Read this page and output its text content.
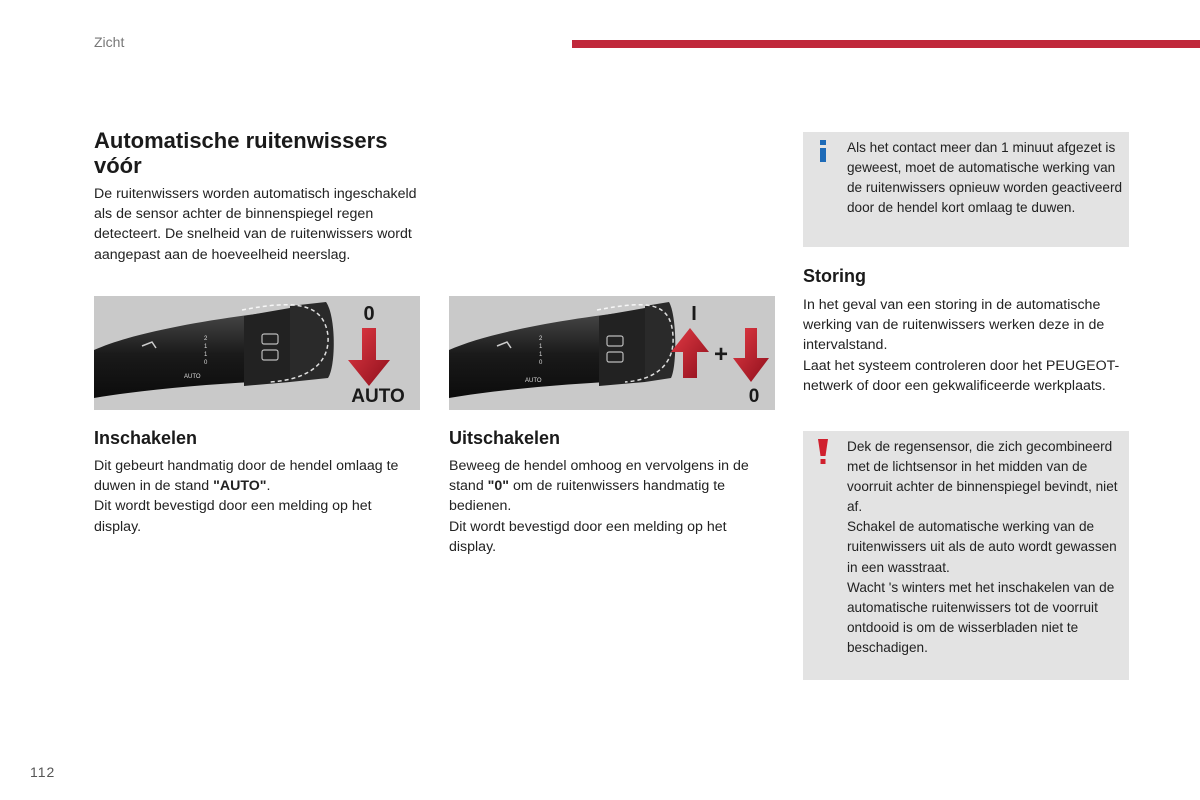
Zicht
Automatische ruitenwissers vóór

De ruitenwissers worden automatisch ingeschakeld als de sensor achter de binnenspiegel regen detecteert. De snelheid van de ruitenwissers wordt aangepast aan de hoeveelheid neerslag.

2
1
1
0
AUTO
0
AUTO
2
1
1
0
AUTO
I
+
0
Inschakelen

Dit gebeurt handmatig door de hendel omlaag te duwen in de stand "AUTO".
Dit wordt bevestigd door een melding op het display.

Uitschakelen

Beweeg de hendel omhoog en vervolgens in de stand "0" om de ruitenwissers handmatig te bedienen.
Dit wordt bevestigd door een melding op het display.

Als het contact meer dan 1 minuut afgezet is geweest, moet de automatische werking van de ruitenwissers opnieuw worden geactiveerd door de hendel kort omlaag te duwen.

Storing

In het geval van een storing in de automatische werking van de ruitenwissers werken deze in de intervalstand.
Laat het systeem controleren door het PEUGEOT-netwerk of door een gekwalificeerde werkplaats.

Dek de regensensor, die zich gecombineerd met de lichtsensor in het midden van de voorruit achter de binnenspiegel bevindt, niet af.
Schakel de automatische werking van de ruitenwissers uit als de auto wordt gewassen in een wasstraat.
Wacht 's winters met het inschakelen van de automatische ruitenwissers tot de voorruit ontdooid is om de wisserbladen niet te beschadigen.

112
